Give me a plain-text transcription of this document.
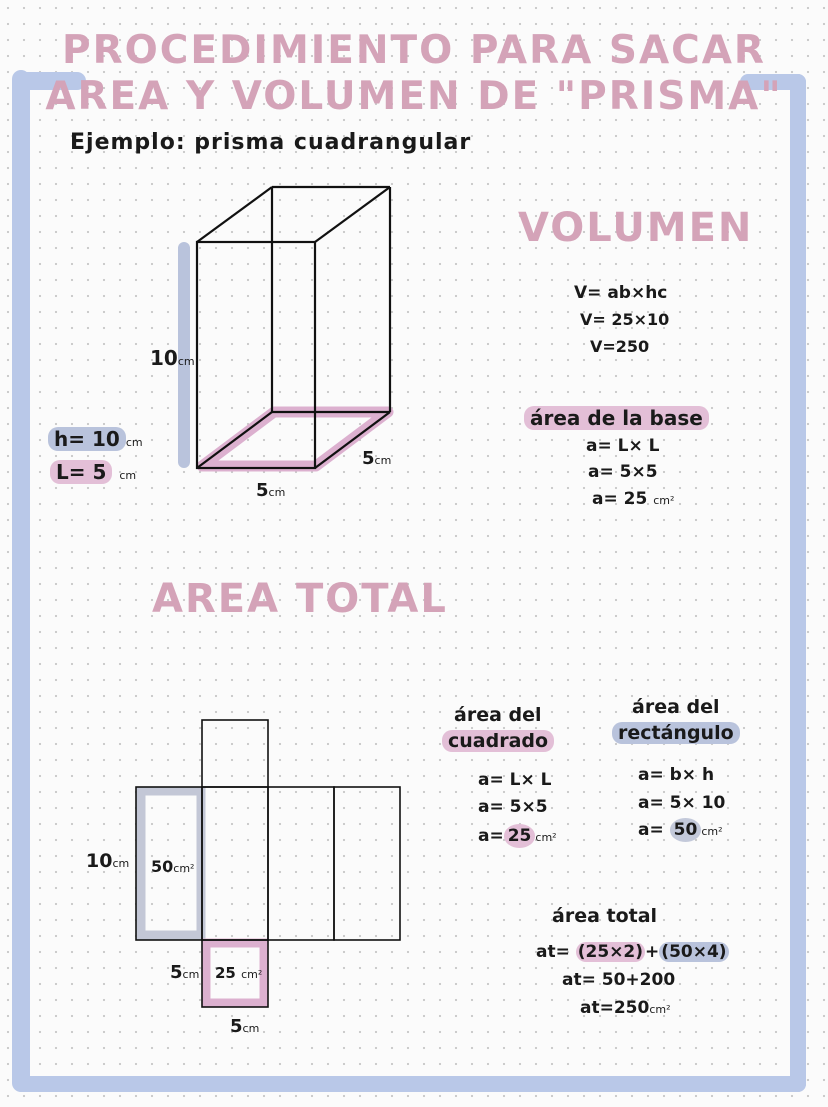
PROCEDIMIENTO PARA SACAR
AREA Y VOLUMEN DE "PRISMA"
Ejemplo: prisma cuadrangular
10cm
5cm
5cm
h= 10 cm
L= 5 cm
VOLUMEN
V= ab×hc
V= 25×10
V=250
área de la base
a= L× L
a= 5×5
a= 25 cm²
AREA TOTAL
10cm 50cm²
25 cm²
5cm
5cm
área del
cuadrado
a= L× L
a= 5×5
a= 25 cm²
área del
rectángulo
a= b× h
a= 5× 10
a= 50 cm²
área total
at= (25×2) + (50×4)
at= 50+200
at=250cm²
